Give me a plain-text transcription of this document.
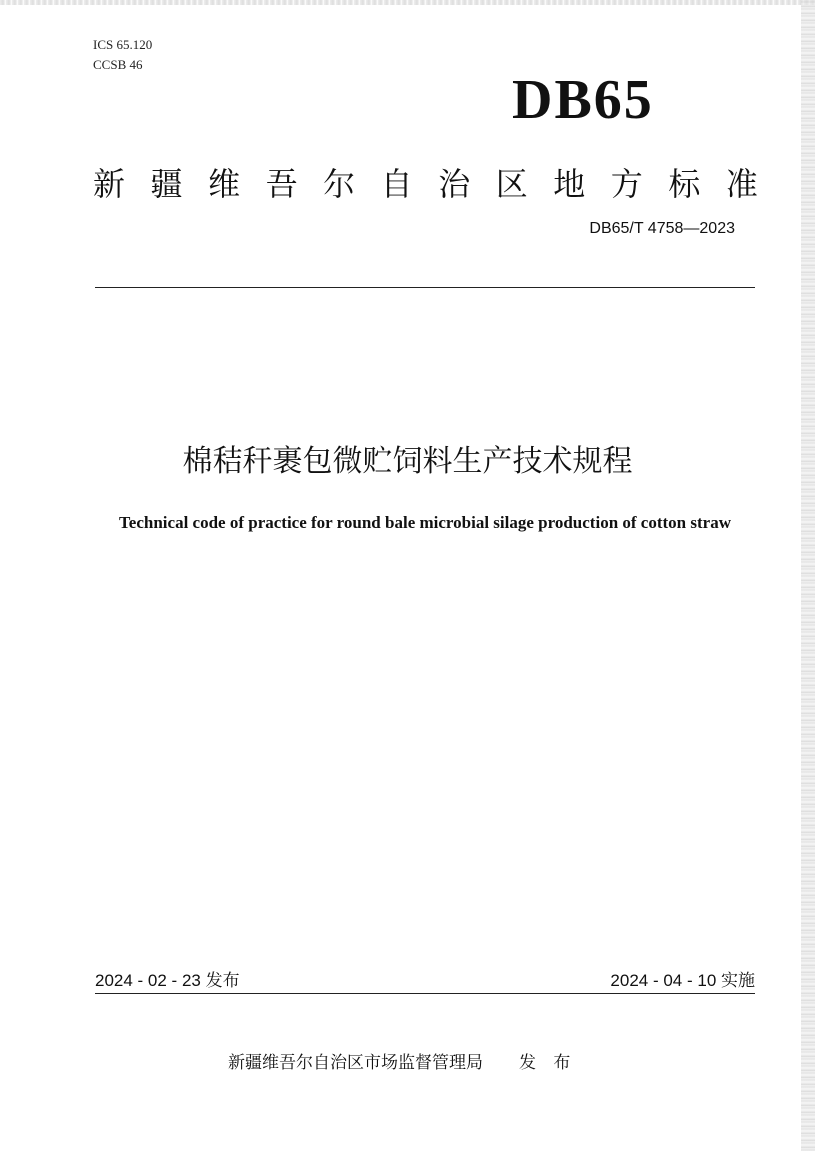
ICS 65.120
CCSB 46
DB65
新 疆 维 吾 尔 自 治 区 地 方 标 准
DB65/T 4758—2023
棉秸秆裹包微贮饲料生产技术规程
Technical code of practice for round bale microbial silage production of cotton straw
2024 - 02 - 23 发布	2024 - 04 - 10 实施
新疆维吾尔自治区市场监督管理局 发 布
